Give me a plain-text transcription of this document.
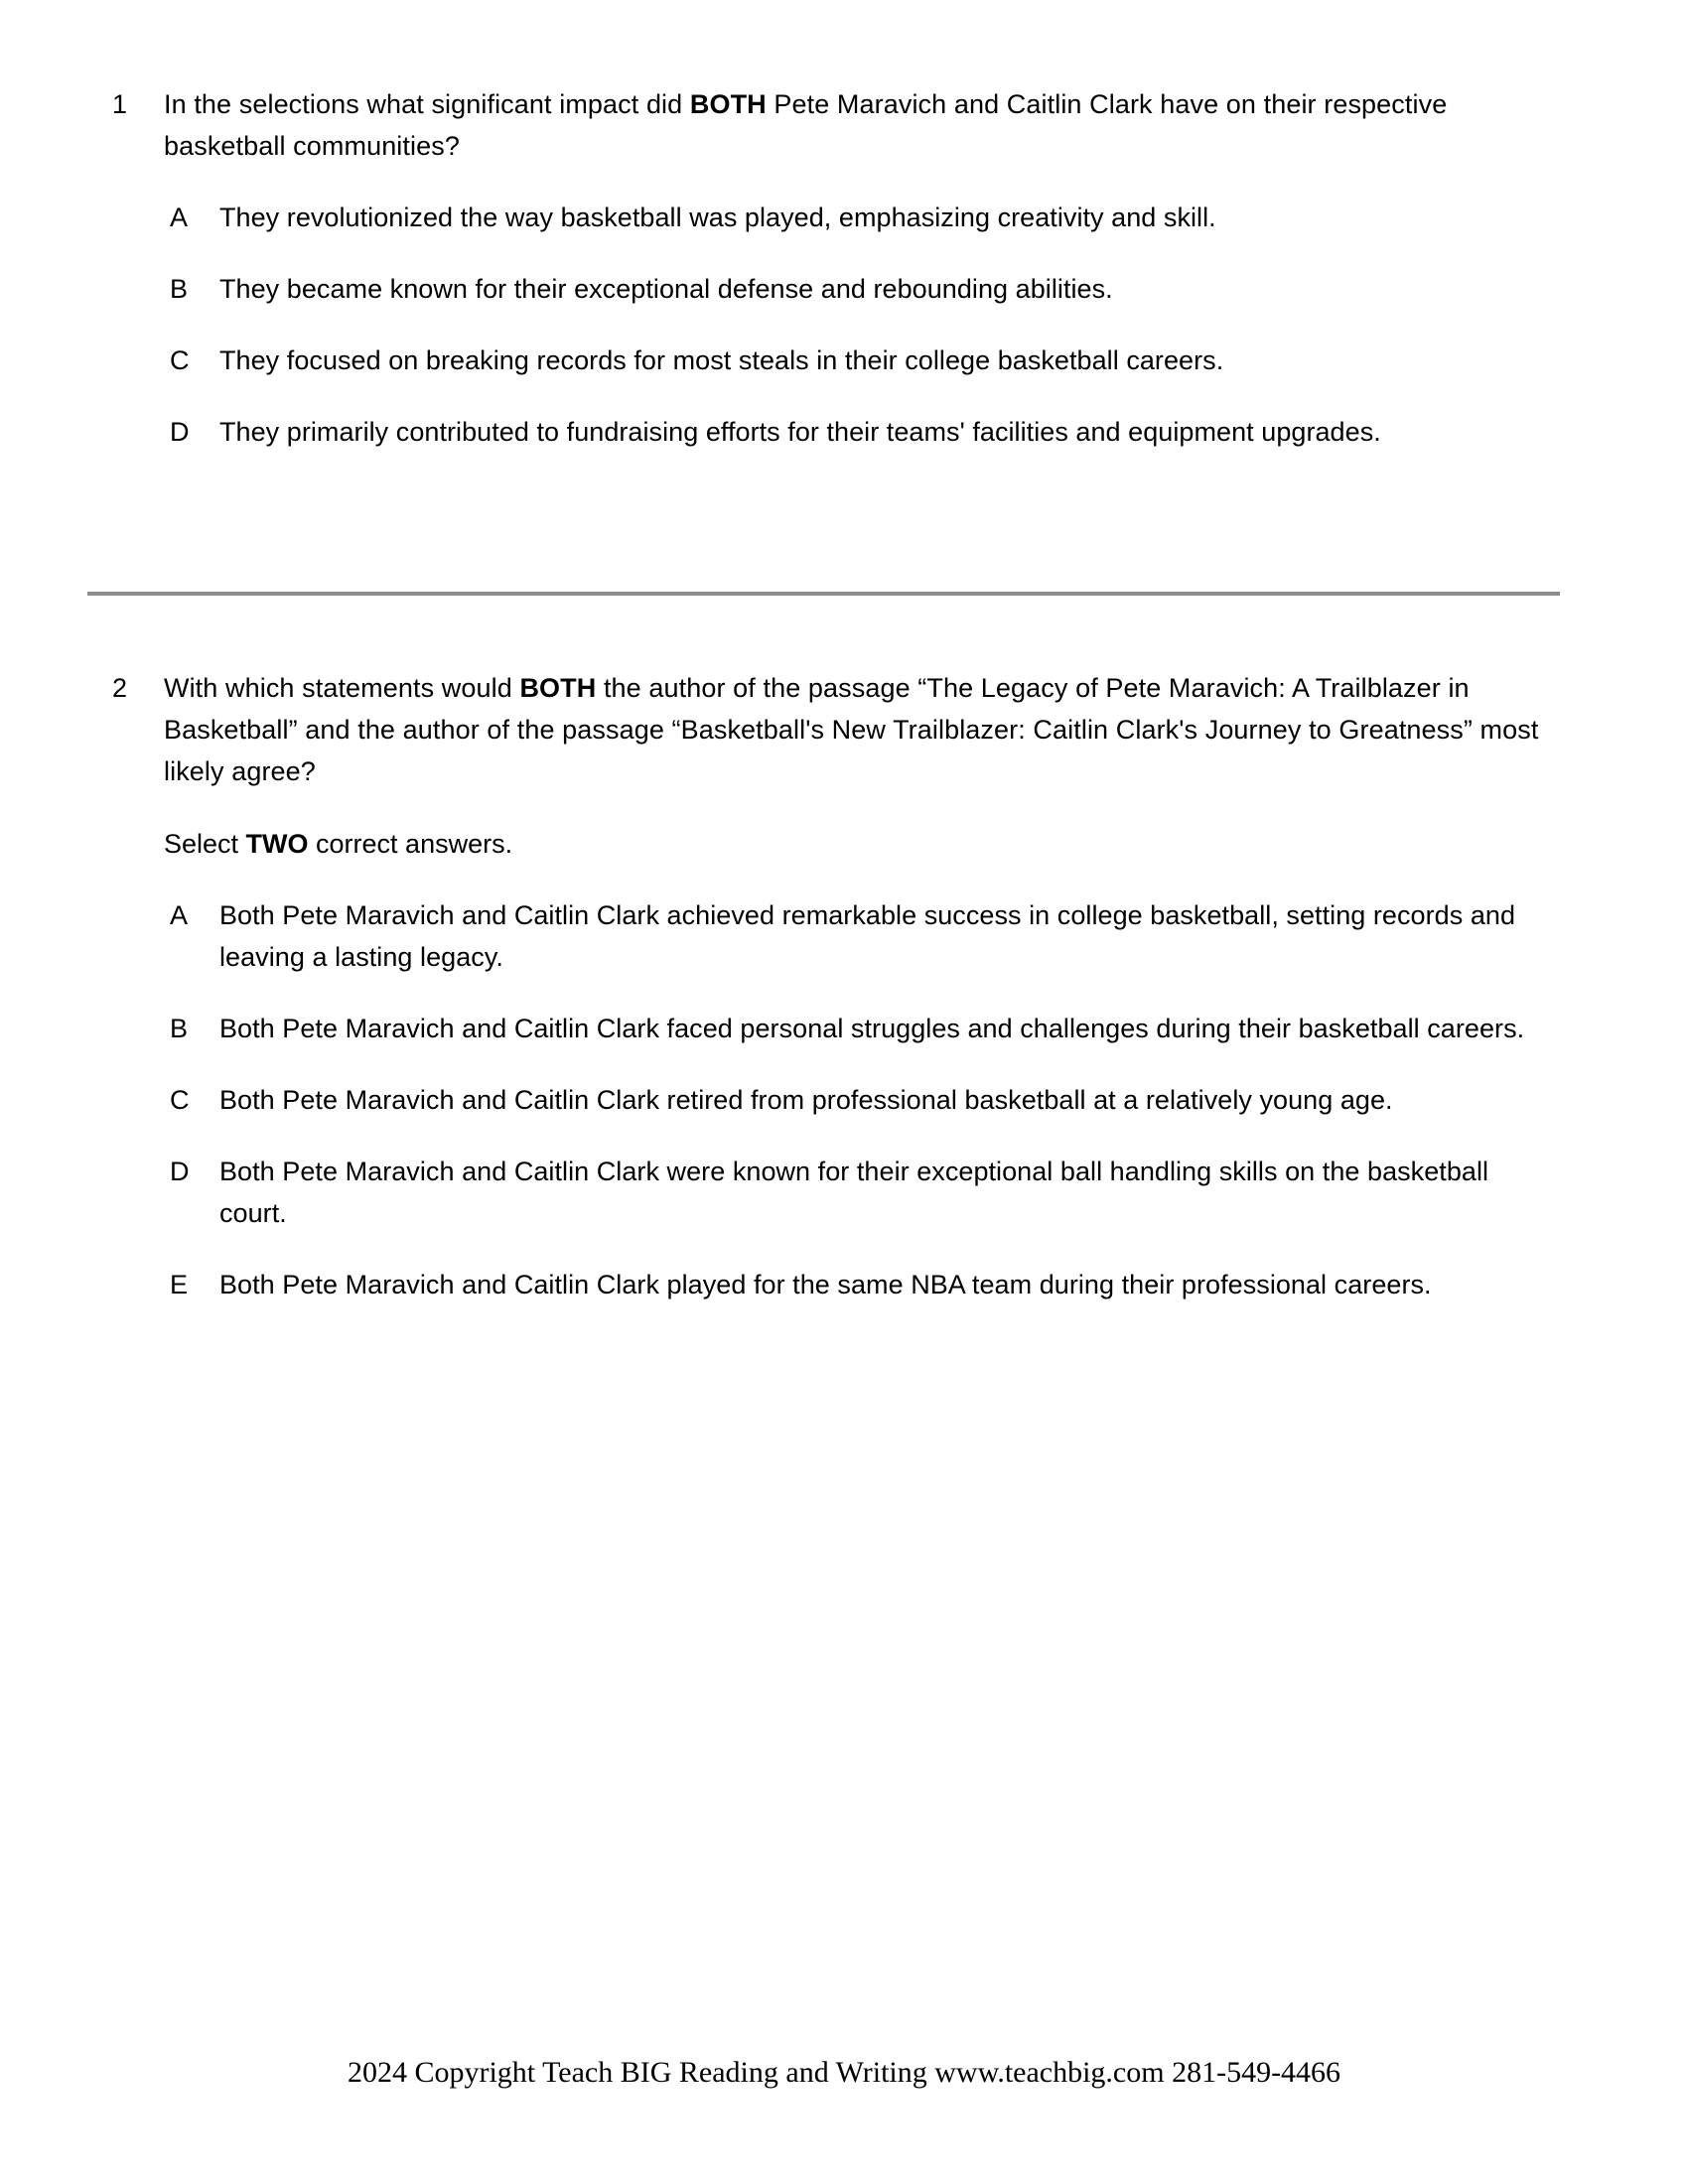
1	In the selections what significant impact did BOTH Pete Maravich and Caitlin Clark have on their respective basketball communities?
A	They revolutionized the way basketball was played, emphasizing creativity and skill.
B	They became known for their exceptional defense and rebounding abilities.
C	They focused on breaking records for most steals in their college basketball careers.
D	They primarily contributed to fundraising efforts for their teams' facilities and equipment upgrades.
2	With which statements would BOTH the author of the passage “The Legacy of Pete Maravich: A Trailblazer in Basketball” and the author of the passage “Basketball's New Trailblazer: Caitlin Clark's Journey to Greatness” most likely agree?
Select TWO correct answers.
A	Both Pete Maravich and Caitlin Clark achieved remarkable success in college basketball, setting records and leaving a lasting legacy.
B	Both Pete Maravich and Caitlin Clark faced personal struggles and challenges during their basketball careers.
C	Both Pete Maravich and Caitlin Clark retired from professional basketball at a relatively young age.
D	Both Pete Maravich and Caitlin Clark were known for their exceptional ball handling skills on the basketball court.
E	Both Pete Maravich and Caitlin Clark played for the same NBA team during their professional careers.
2024 Copyright Teach BIG Reading and Writing www.teachbig.com 281-549-4466
